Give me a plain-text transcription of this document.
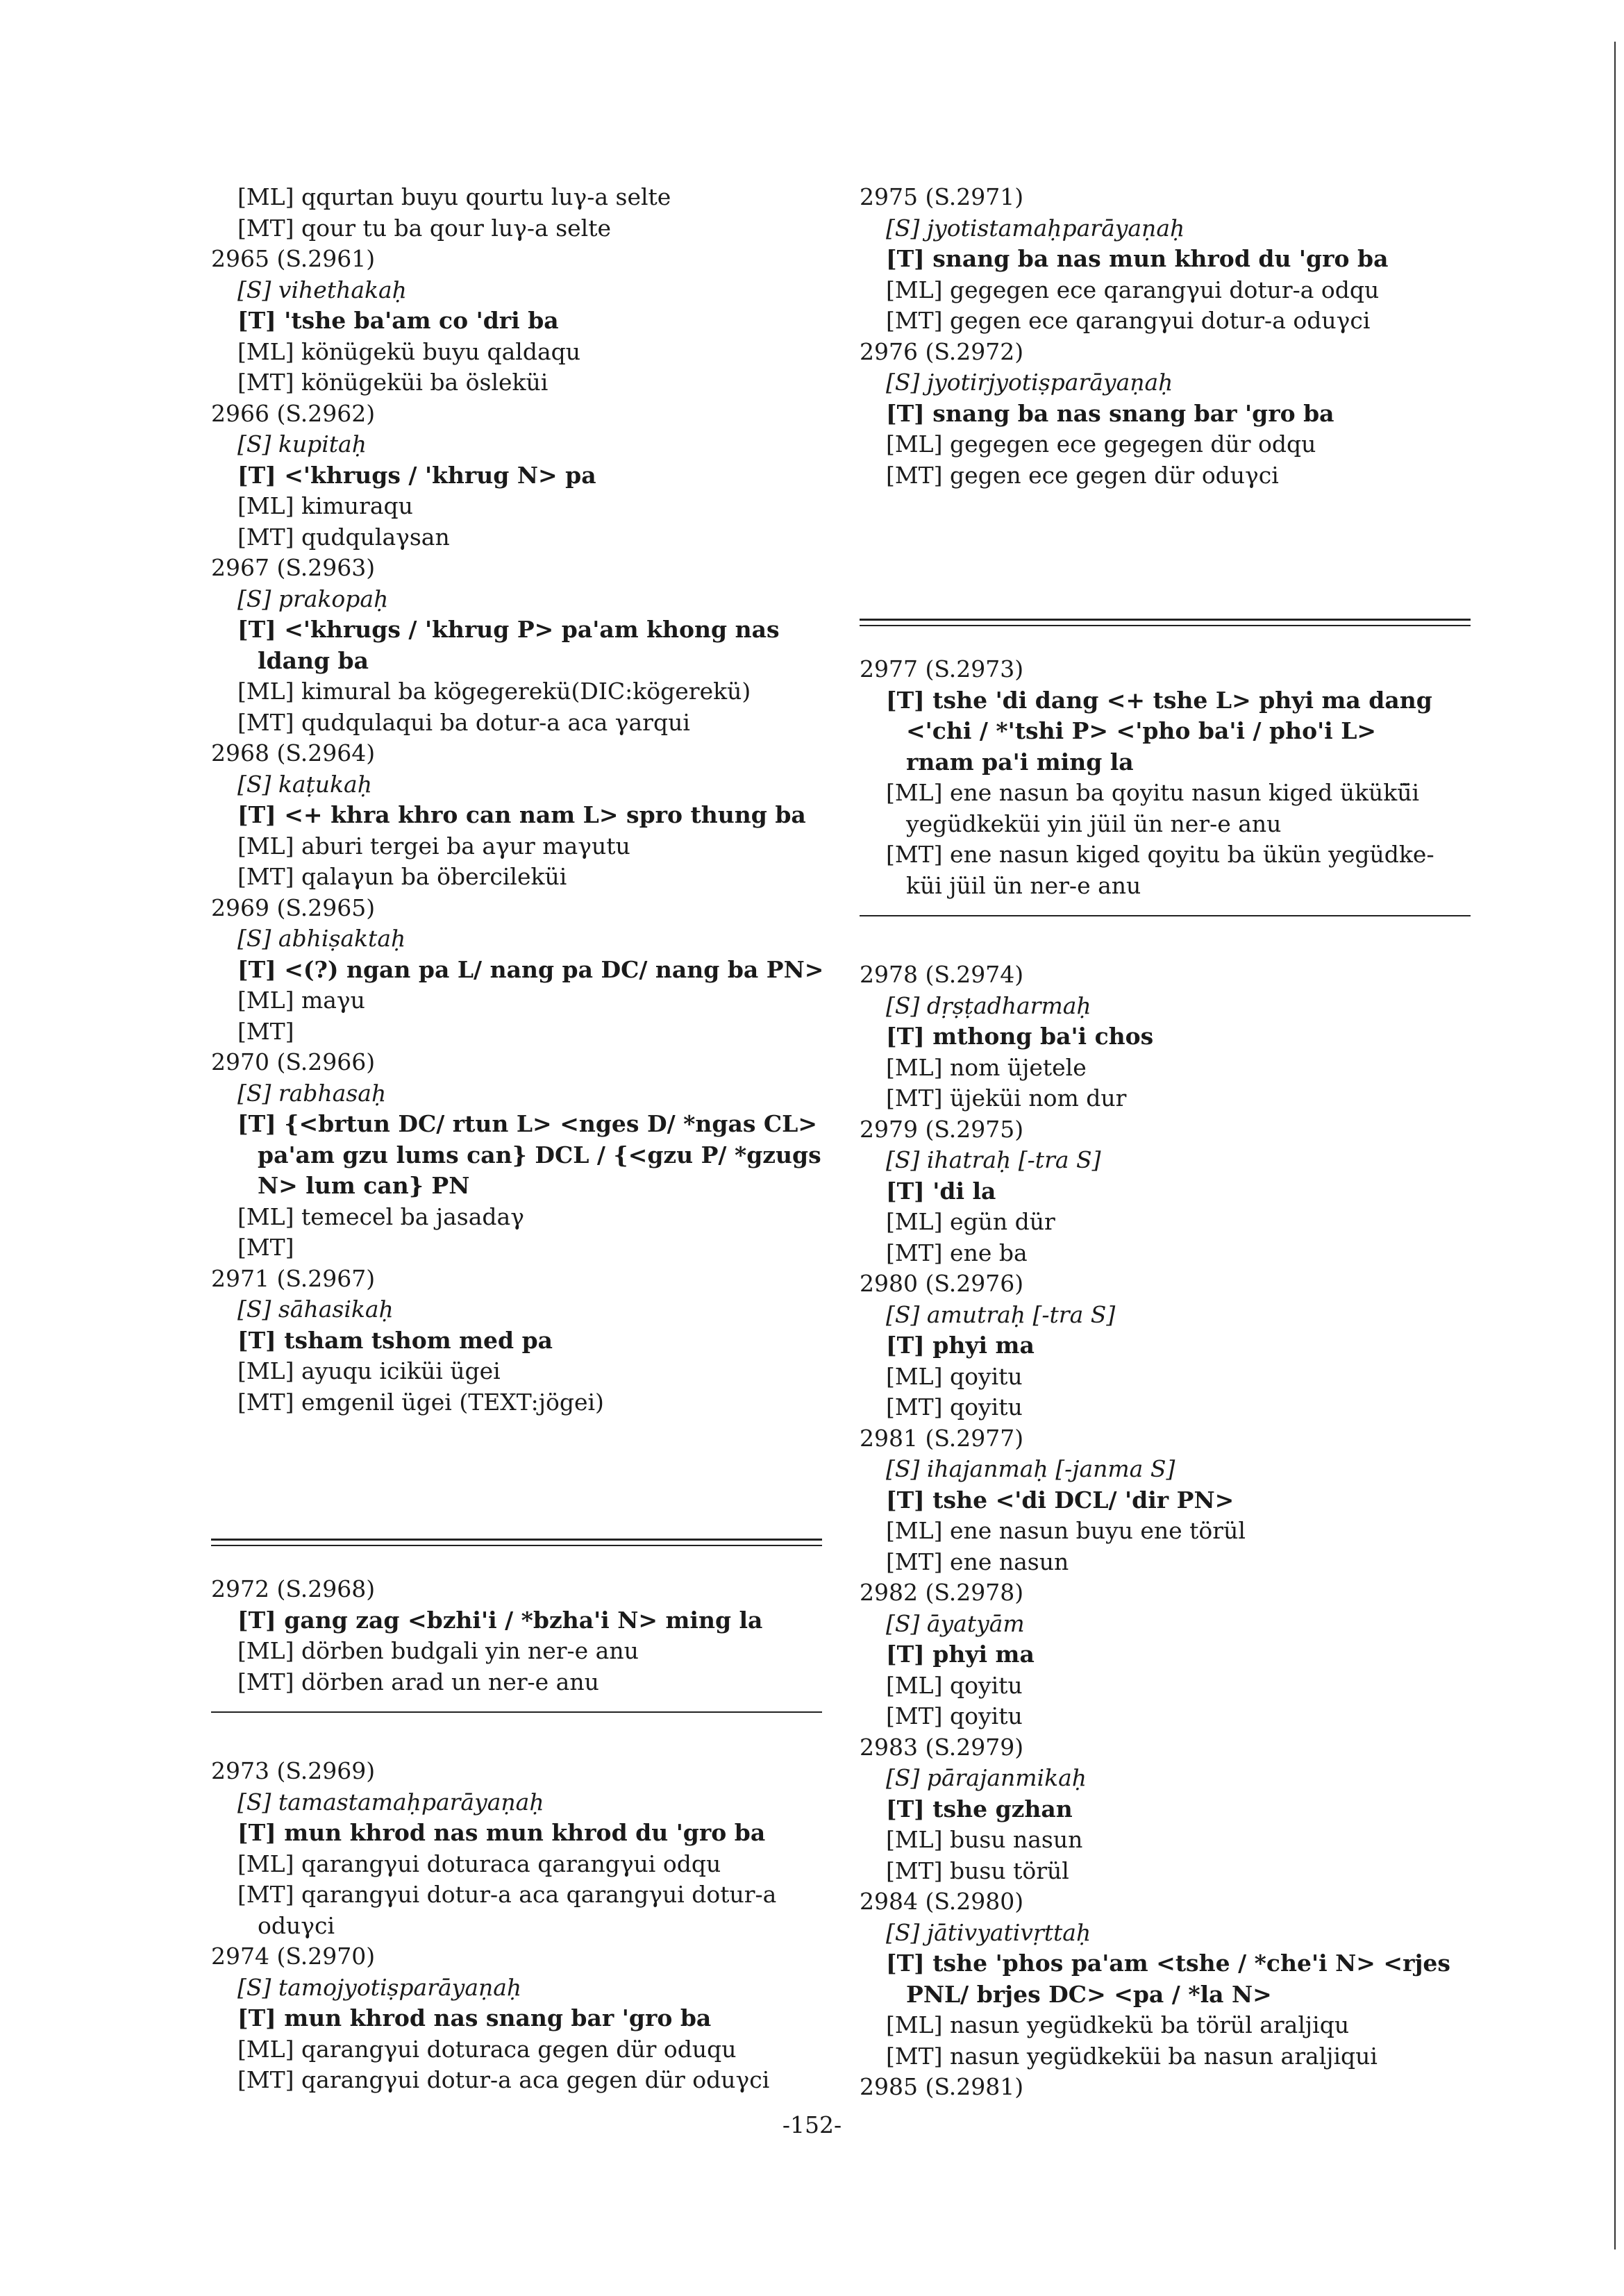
[ML] qqurtan buyu qourtu luγ-a selte
[MT] qour tu ba qour luγ-a selte
2965 (S.2961)
[S] vihethakaḥ
[T] 'tshe ba'am co 'dri ba
[ML] könügekü buyu qaldaqu
[MT] könügeküi ba ösleküi
2966 (S.2962)
[S] kupitaḥ
[T] <'khrugs / 'khrug N> pa
[ML] kimuraqu
[MT] qudqulaγsan
2967 (S.2963)
[S] prakopaḥ
[T] <'khrugs / 'khrug P> pa'am khong nas
ldang ba
[ML] kimural ba kögegerekü(DIC:kögerekü)
[MT] qudqulaqui ba dotur-a aca γarqui
2968 (S.2964)
[S] kaṭukaḥ
[T] <+ khra khro can nam L> spro thung ba
[ML] aburi tergei ba aγur maγutu
[MT] qalaγun ba öbercileküi
2969 (S.2965)
[S] abhiṣaktaḥ
[T] <(?) ngan pa L/ nang pa DC/ nang ba PN>
[ML] maγu
[MT]
2970 (S.2966)
[S] rabhasaḥ
[T] {<brtun DC/ rtun L> <nges D/ *ngas CL>
pa'am gzu lums can} DCL / {<gzu P/ *gzugs
N> lum can} PN
[ML] temecel ba jasadaγ
[MT]
2971 (S.2967)
[S] sāhasikaḥ
[T] tsham tshom med pa
[ML] ayuqu iciküi ügei
[MT] emgenil ügei (TEXT:jögei)
2972 (S.2968)
[T] gang zag <bzhi'i / *bzha'i N> ming la
[ML] dörben budgali yin ner-e anu
[MT] dörben arad un ner-e anu
2973 (S.2969)
[S] tamastamaḥparāyaṇaḥ
[T] mun khrod nas mun khrod du 'gro ba
[ML] qarangγui doturaca qarangγui odqu
[MT] qarangγui dotur-a aca qarangγui dotur-a
oduγci
2974 (S.2970)
[S] tamojyotiṣparāyaṇaḥ
[T] mun khrod nas snang bar 'gro ba
[ML] qarangγui doturaca gegen dür oduqu
[MT] qarangγui dotur-a aca gegen dür oduγci
2975 (S.2971)
[S] jyotistamaḥparāyaṇaḥ
[T] snang ba nas mun khrod du 'gro ba
[ML] gegegen ece qarangγui dotur-a odqu
[MT] gegen ece qarangγui dotur-a oduγci
2976 (S.2972)
[S] jyotirjyotiṣparāyaṇaḥ
[T] snang ba nas snang bar 'gro ba
[ML] gegegen ece gegegen dür odqu
[MT] gegen ece gegen dür oduγci
2977 (S.2973)
[T] tshe 'di dang <+ tshe L> phyi ma dang
<'chi / *'tshi P> <'pho ba'i / pho'i L>
rnam pa'i ming la
[ML] ene nasun ba qoyitu nasun kiged ükükü̈i
yegüdkeküi yin jüil ün ner-e anu
[MT] ene nasun kiged qoyitu ba ükün yegüdke-
küi jüil ün ner-e anu
2978 (S.2974)
[S] dṛṣṭadharmaḥ
[T] mthong ba'i chos
[ML] nom üjetele
[MT] üjeküi nom dur
2979 (S.2975)
[S] ihatraḥ [-tra S]
[T] 'di la
[ML] egün dür
[MT] ene ba
2980 (S.2976)
[S] amutraḥ [-tra S]
[T] phyi ma
[ML] qoyitu
[MT] qoyitu
2981 (S.2977)
[S] ihajanmaḥ [-janma S]
[T] tshe <'di DCL/ 'dir PN>
[ML] ene nasun buyu ene törül
[MT] ene nasun
2982 (S.2978)
[S] āyatyām
[T] phyi ma
[ML] qoyitu
[MT] qoyitu
2983 (S.2979)
[S] pārajanmikaḥ
[T] tshe gzhan
[ML] busu nasun
[MT] busu törül
2984 (S.2980)
[S] jātivyativṛttaḥ
[T] tshe 'phos pa'am <tshe / *che'i N> <rjes
PNL/ brjes DC> <pa / *la N>
[ML] nasun yegüdkekü ba törül araljiqu
[MT] nasun yegüdkeküi ba nasun araljiqui
2985 (S.2981)
-152-
